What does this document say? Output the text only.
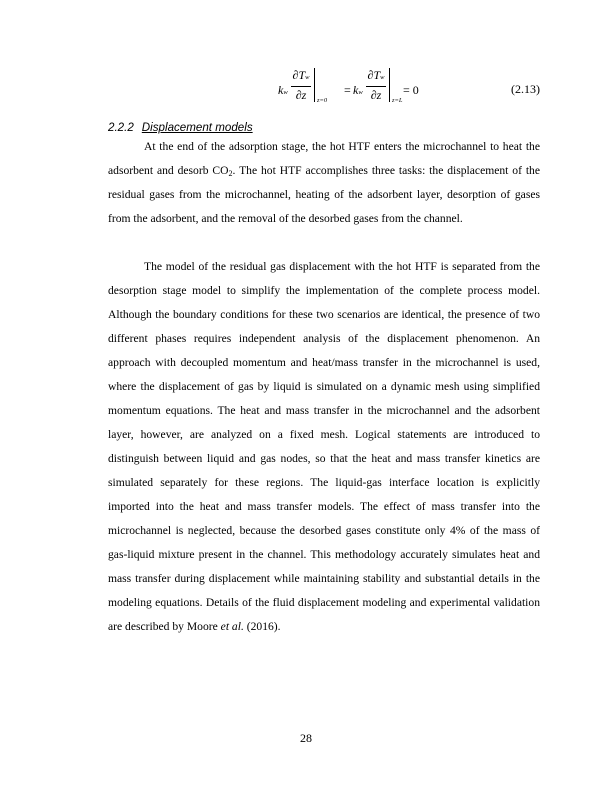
kw
∂Tw
∂z	z=0
= kw
∂Tw
∂z	z=L
= 0	(2.13)
2.2.2 Displacement models

At the end of the adsorption stage, the hot HTF enters the microchannel to heat the adsorbent and desorb $CO_2$. The hot HTF accomplishes three tasks: the displacement of the residual gases from the microchannel, heating of the adsorbent layer, desorption of gases from the adsorbent, and the removal of the desorbed gases from the channel.

The model of the residual gas displacement with the hot HTF is separated from the desorption stage model to simplify the implementation of the complete process model. Although the boundary conditions for these two scenarios are identical, the presence of two different phases requires independent analysis of the displacement phenomenon. An approach with decoupled momentum and heat/mass transfer in the microchannel is used, where the displacement of gas by liquid is simulated on a dynamic mesh using simplified momentum equations. The heat and mass transfer in the microchannel and the adsorbent layer, however, are analyzed on a fixed mesh. Logical statements are introduced to distinguish between liquid and gas nodes, so that the heat and mass transfer kinetics are simulated separately for these regions. The liquid-gas interface location is explicitly imported into the heat and mass transfer models. The effect of mass transfer into the microchannel is neglected, because the desorbed gases constitute only 4% of the mass of gas-liquid mixture present in the channel. This methodology accurately simulates heat and mass transfer during displacement while maintaining stability and substantial details in the modeling equations. Details of the fluid displacement modeling and experimental validation are described by Moore et al. (2016).

28
